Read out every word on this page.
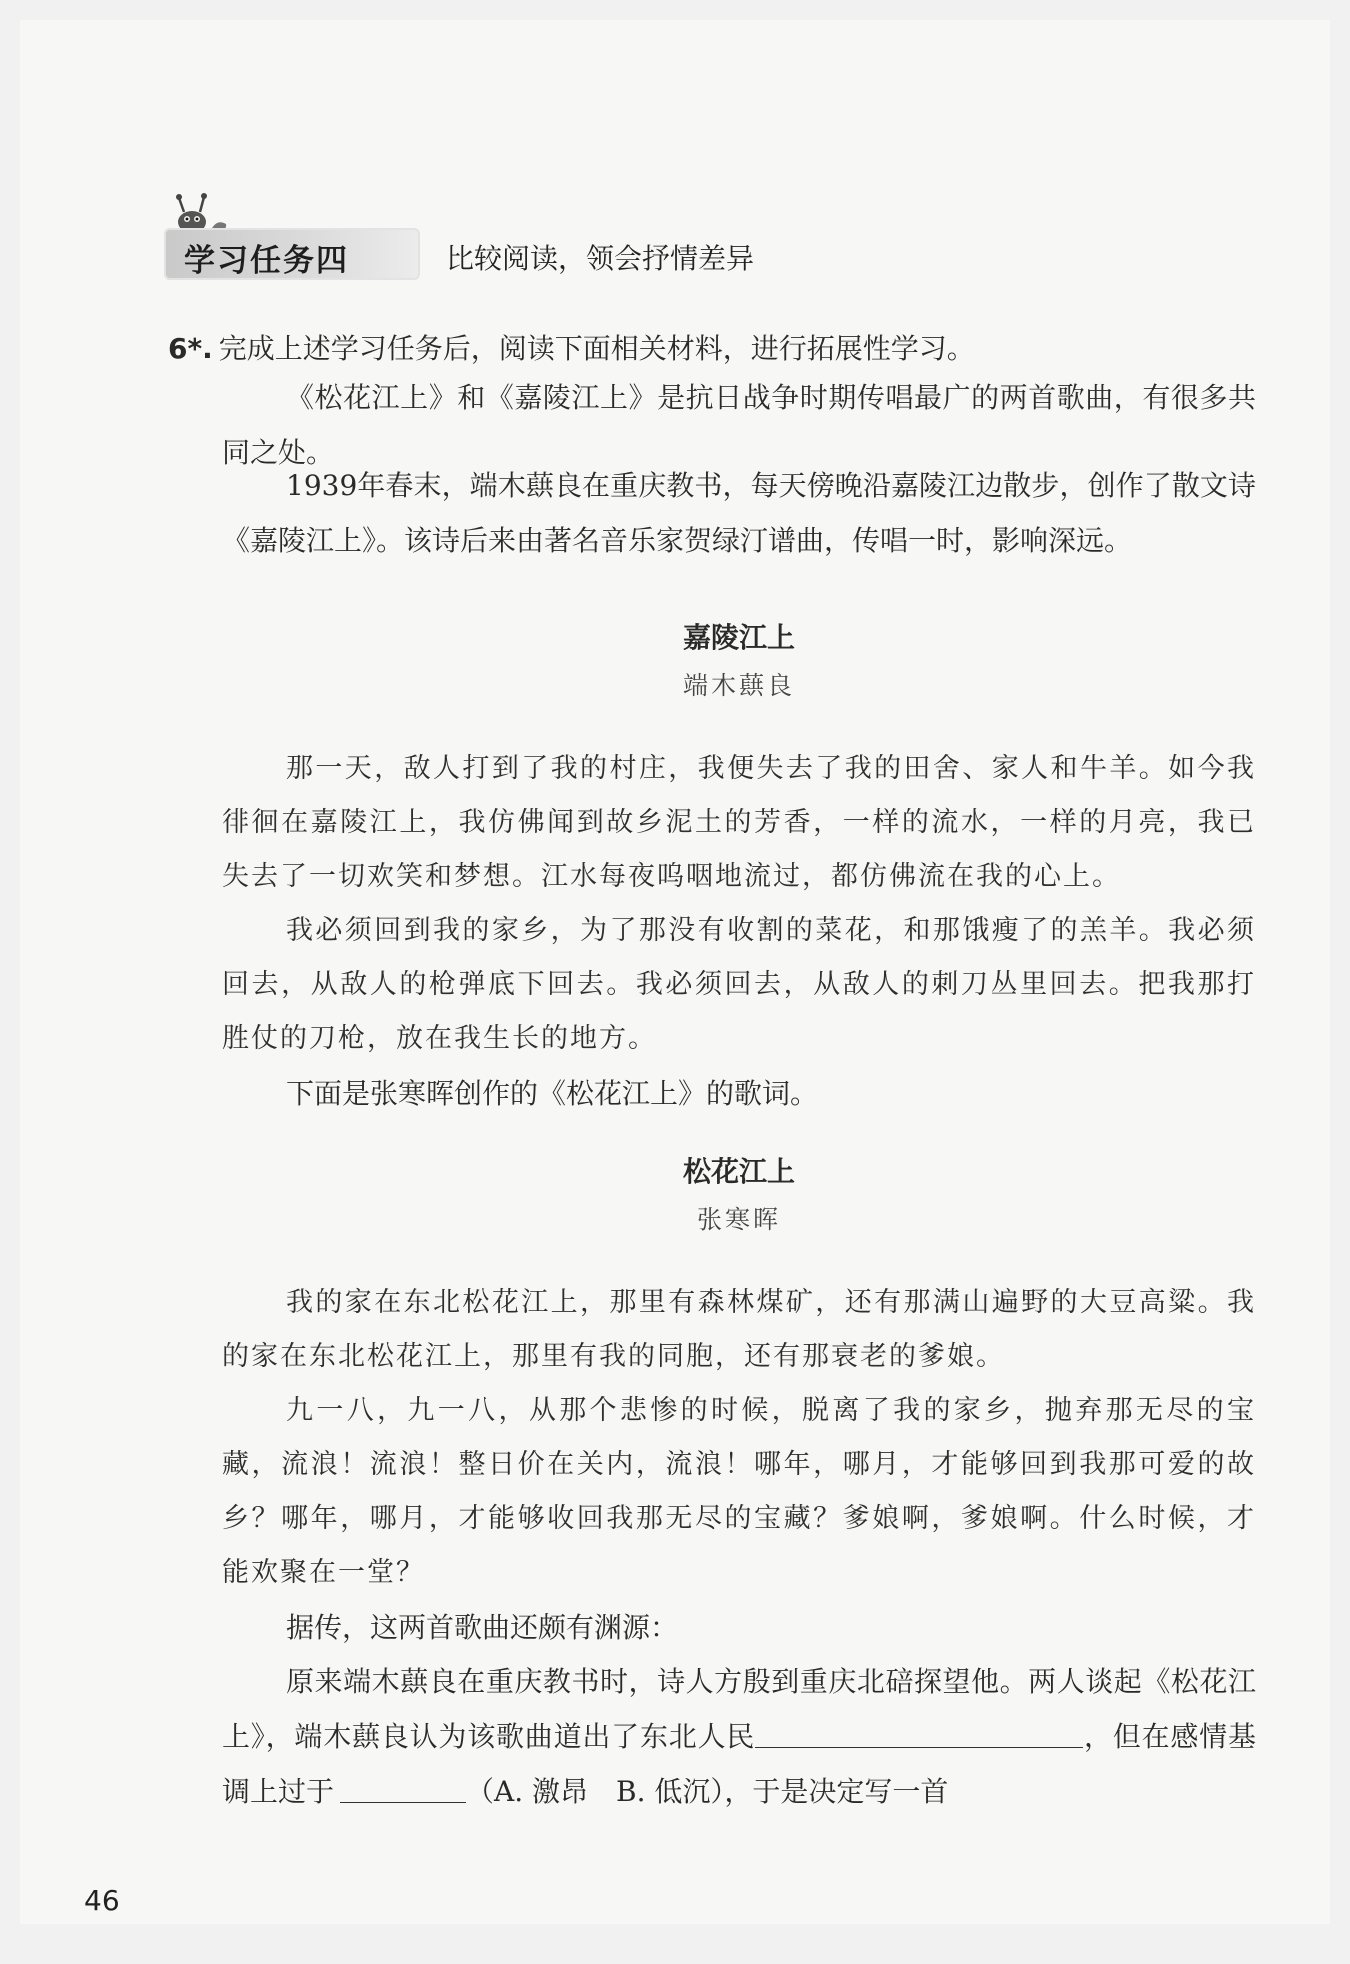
学习任务四	比较阅读，领会抒情差异
6*. 完成上述学习任务后，阅读下面相关材料，进行拓展性学习。

《松花江上》和《嘉陵江上》是抗日战争时期传唱最广的两首歌曲，有很多共同之处。

1939年春末，端木蕻良在重庆教书，每天傍晚沿嘉陵江边散步，创作了散文诗《嘉陵江上》。该诗后来由著名音乐家贺绿汀谱曲，传唱一时，影响深远。

嘉陵江上
端木蕻良

那一天，敌人打到了我的村庄，我便失去了我的田舍、家人和牛羊。如今我徘徊在嘉陵江上，我仿佛闻到故乡泥土的芳香，一样的流水，一样的月亮，我已失去了一切欢笑和梦想。江水每夜呜咽地流过，都仿佛流在我的心上。

我必须回到我的家乡，为了那没有收割的菜花，和那饿瘦了的羔羊。我必须回去，从敌人的枪弹底下回去。我必须回去，从敌人的刺刀丛里回去。把我那打胜仗的刀枪，放在我生长的地方。

下面是张寒晖创作的《松花江上》的歌词。

松花江上
张寒晖

我的家在东北松花江上，那里有森林煤矿，还有那满山遍野的大豆高粱。我的家在东北松花江上，那里有我的同胞，还有那衰老的爹娘。

九一八，九一八，从那个悲惨的时候，脱离了我的家乡，抛弃那无尽的宝藏，流浪！流浪！整日价在关内，流浪！哪年，哪月，才能够回到我那可爱的故乡？哪年，哪月，才能够收回我那无尽的宝藏？爹娘啊，爹娘啊。什么时候，才能欢聚在一堂？

据传，这两首歌曲还颇有渊源：

原来端木蕻良在重庆教书时，诗人方殷到重庆北碚探望他。两人谈起《松花江上》，端木蕻良认为该歌曲道出了东北人民	，但在感情基调上过于	（A. 激昂　B. 低沉），于是决定写一首

46
